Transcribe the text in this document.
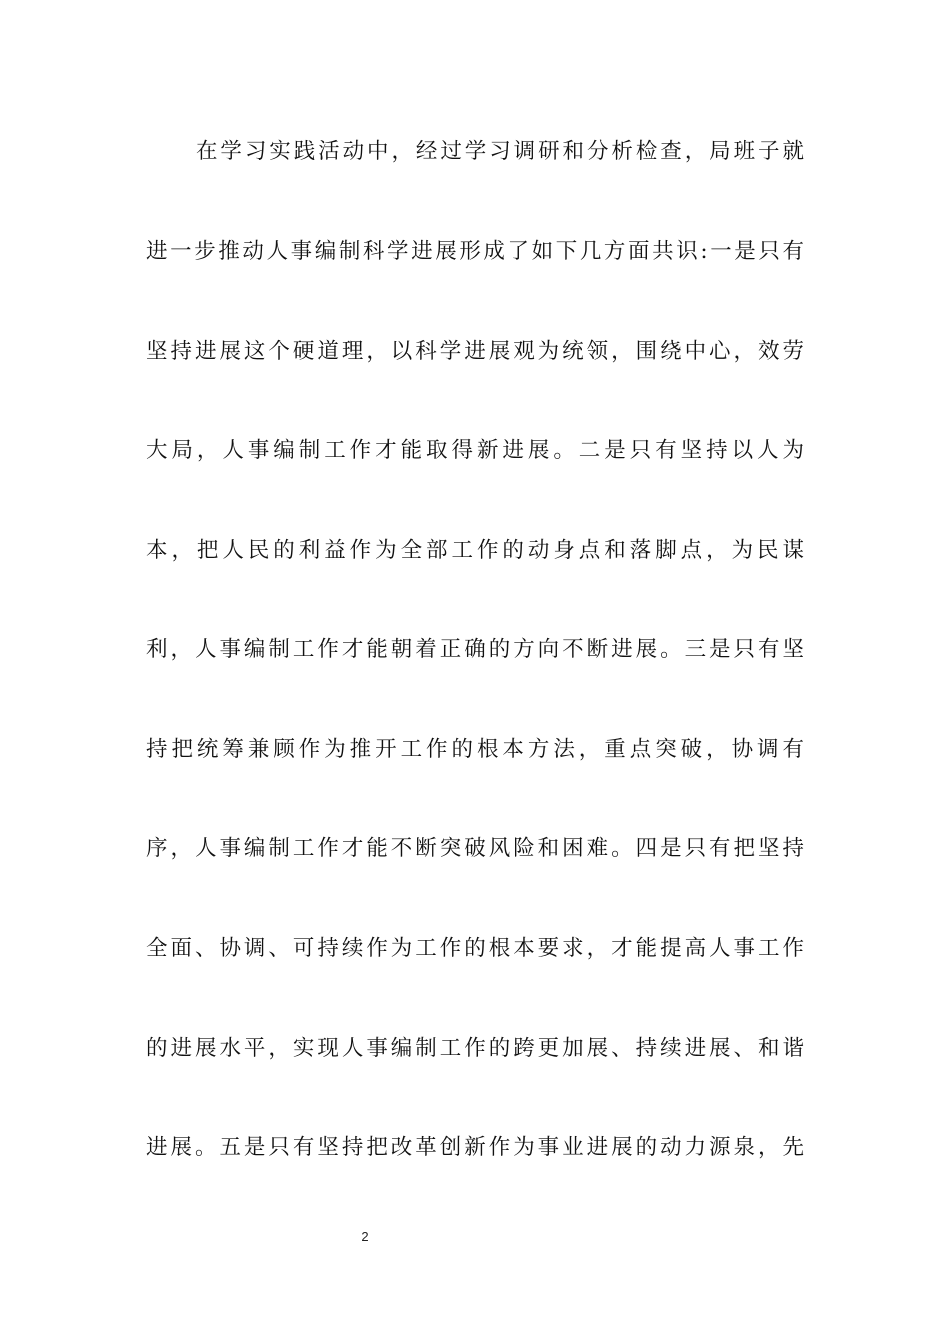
在学习实践活动中，经过学习调研和分析检查，局班子就
进一步推动人事编制科学进展形成了如下几方面共识:一是只有
坚持进展这个硬道理，以科学进展观为统领，围绕中心，效劳
大局，人事编制工作才能取得新进展。二是只有坚持以人为
本，把人民的利益作为全部工作的动身点和落脚点，为民谋
利，人事编制工作才能朝着正确的方向不断进展。三是只有坚
持把统筹兼顾作为推开工作的根本方法，重点突破，协调有
序，人事编制工作才能不断突破风险和困难。四是只有把坚持
全面、协调、可持续作为工作的根本要求，才能提高人事工作
的进展水平，实现人事编制工作的跨更加展、持续进展、和谐
进展。五是只有坚持把改革创新作为事业进展的动力源泉，先
2
